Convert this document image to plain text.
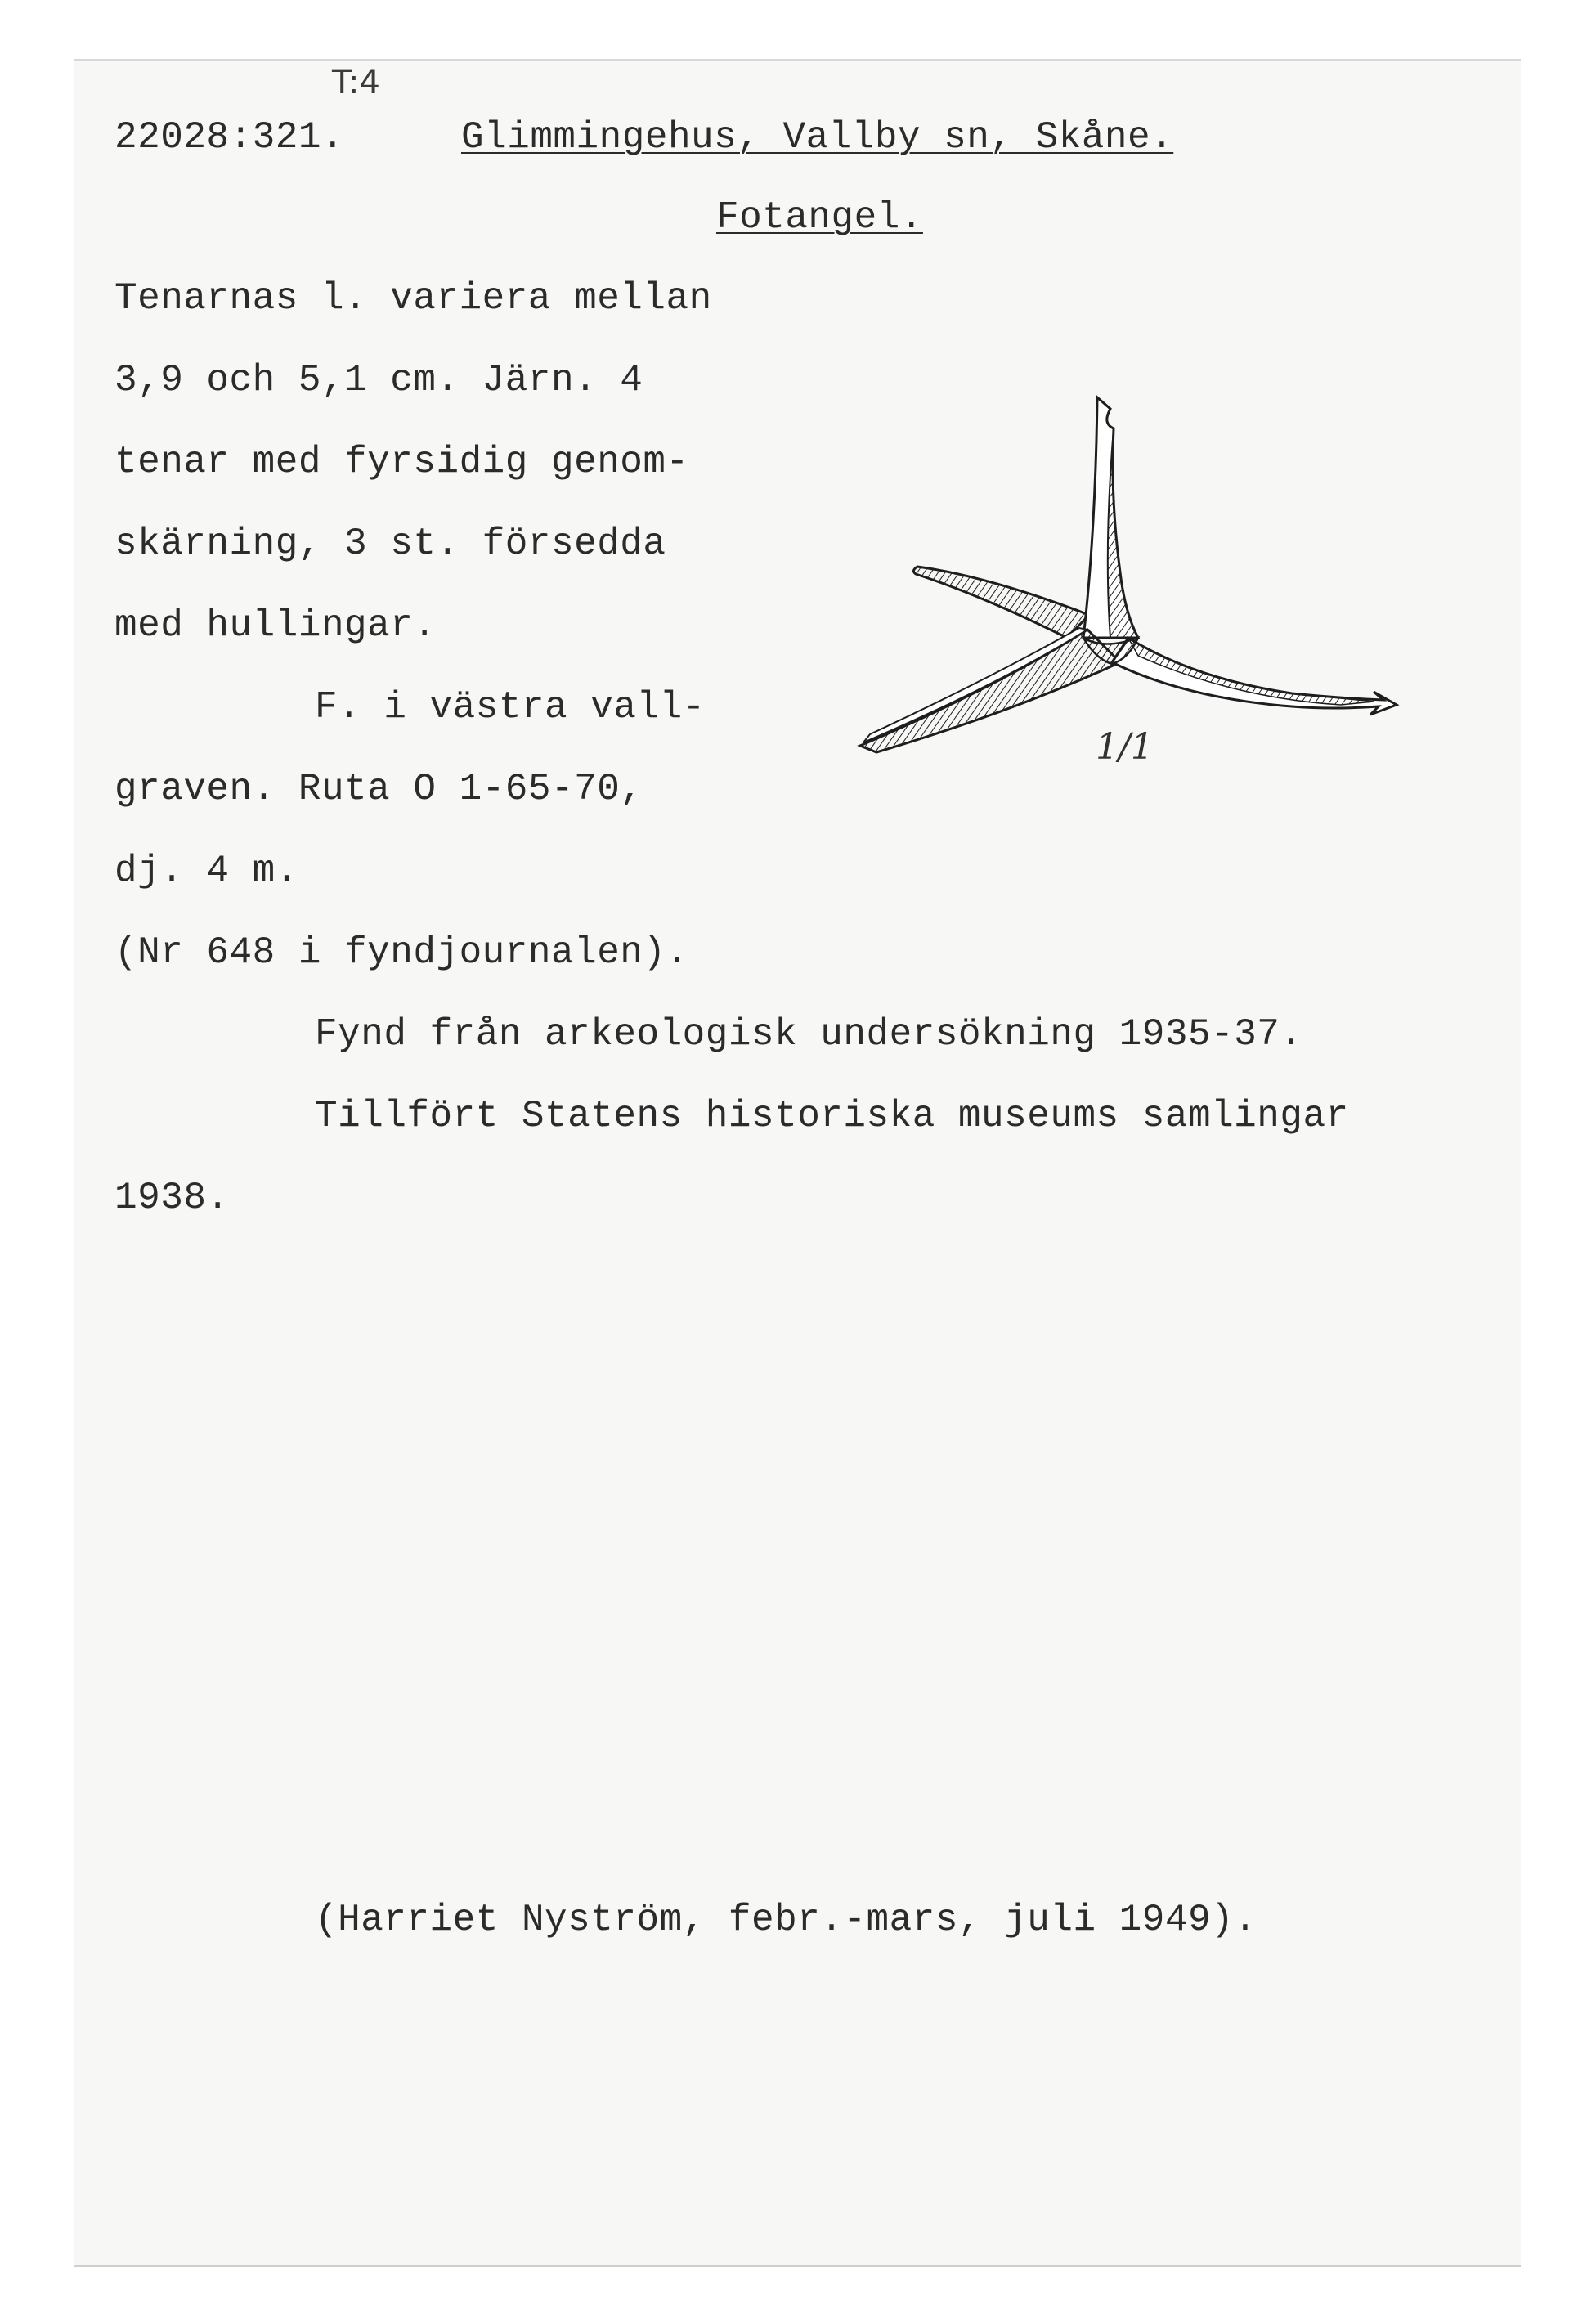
T:4
22028:321.	Glimmingehus, Vallby sn, Skåne.
Fotangel.
Tenarnas l. variera mellan
3,9 och 5,1 cm. Järn. 4
tenar med fyrsidig genom-
skärning, 3 st. försedda
med hullingar.
F. i västra vall-
graven. Ruta O 1-65-70,
dj. 4 m.
(Nr 648 i fyndjournalen).
Fynd från arkeologisk undersökning 1935-37.
Tillfört Statens historiska museums samlingar
1938.
(Harriet Nyström, febr.-mars, juli 1949).
1/1
